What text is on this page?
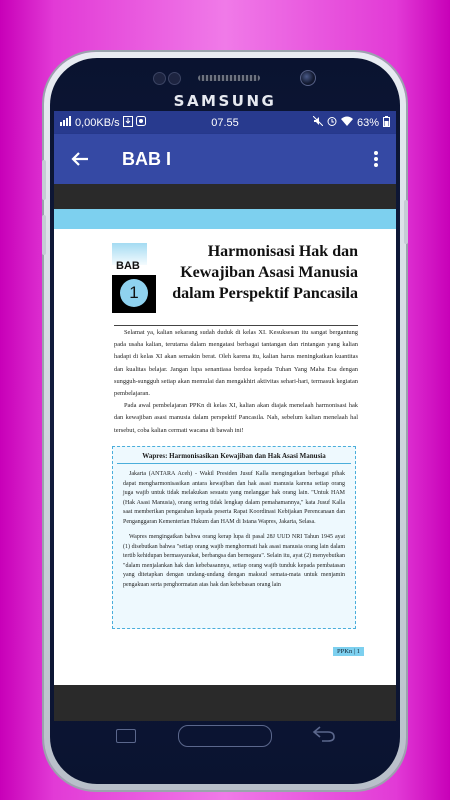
SAMSUNG
0,00KB/s	07.55	63%
BAB I
BAB
1
Harmonisasi Hak dan
Kewajiban Asasi Manusia
dalam Perspektif Pancasila

Selamat ya, kalian sekarang sudah duduk di kelas XI. Kesuksesan itu sangat bergantung pada usaha kalian, terutama dalam mengatasi berbagai tantangan dan rintangan yang kalian hadapi di kelas XI akan semakin berat. Oleh karena itu, kalian harus meningkatkan kuantitas dan kualitas belajar. Jangan lupa senantiasa berdoa kepada Tuhan Yang Maha Esa dengan sungguh-sungguh setiap akan memulai dan mengakhiri aktivitas sehari-hari, termasuk kegiatan pembelajaran.

Pada awal pembelajaran PPKn di kelas XI, kalian akan diajak menelaah harmonisasi hak dan kewajiban asasi manusia dalam perspektif Pancasila. Nah, sebelum kalian menelaah hal tersebut, coba kalian cermati wacana di bawah ini!

Wapres: Harmonisasikan Kewajiban dan Hak Asasi Manusia

Jakarta (ANTARA Aceh) - Wakil Presiden Jusuf Kalla mengingatkan berbagai pihak dapat mengharmonisasikan antara kewajiban dan hak asasi manusia karena setiap orang juga wajib untuk tidak melakukan sesuatu yang melanggar hak orang lain. "Untuk HAM (Hak Asasi Manusia), orang sering tidak lengkap dalam pemahamannya," kata Jusuf Kalla saat memberikan pengarahan kepada peserta Rapat Koordinasi Kebijakan Perencanaan dan Penganggaran Kementerian Hukum dan HAM di Istana Wapres, Jakarta, Selasa.

Wapres mengingatkan bahwa orang kerap lupa di pasal 28J UUD NRI Tahun 1945 ayat (1) disebutkan bahwa "setiap orang wajib menghormati hak asasi manusia orang lain dalam tertib kehidupan bermasyarakat, berbangsa dan bernegara". Selain itu, ayat (2) menyebutkan "dalam menjalankan hak dan kebebasannya, setiap orang wajib tunduk kepada pembatasan yang ditetapkan dengan undang-undang dengan maksud semata-mata untuk menjamin pengakuan serta penghormatan atas hak dan kebebasan orang lain

PPKn | 1
